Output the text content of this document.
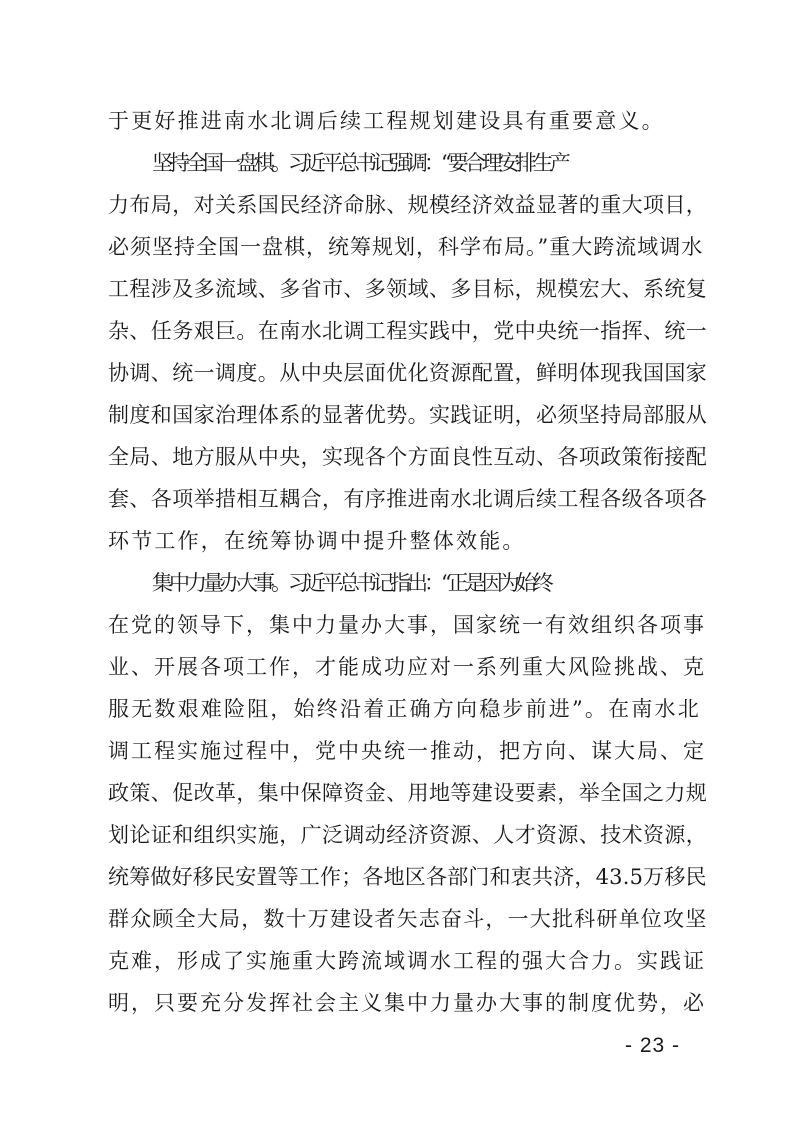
于更好推进南水北调后续工程规划建设具有重要意义。
坚持全国一盘棋。习近平总书记强调：“要合理安排生产
力布局，对关系国民经济命脉、规模经济效益显著的重大项目，
必须坚持全国一盘棋，统筹规划，科学布局。”重大跨流域调水
工程涉及多流域、多省市、多领域、多目标，规模宏大、系统复
杂、任务艰巨。在南水北调工程实践中，党中央统一指挥、统一
协调、统一调度。从中央层面优化资源配置，鲜明体现我国国家
制度和国家治理体系的显著优势。实践证明，必须坚持局部服从
全局、地方服从中央，实现各个方面良性互动、各项政策衔接配
套、各项举措相互耦合，有序推进南水北调后续工程各级各项各
环节工作，在统筹协调中提升整体效能。
集中力量办大事。习近平总书记指出：“正是因为始终
在党的领导下，集中力量办大事，国家统一有效组织各项事
业、开展各项工作，才能成功应对一系列重大风险挑战、克
服无数艰难险阻，始终沿着正确方向稳步前进”。在南水北
调工程实施过程中，党中央统一推动，把方向、谋大局、定
政策、促改革，集中保障资金、用地等建设要素，举全国之力规
划论证和组织实施，广泛调动经济资源、人才资源、技术资源，
统筹做好移民安置等工作；各地区各部门和衷共济，43.5万移民
群众顾全大局，数十万建设者矢志奋斗，一大批科研单位攻坚
克难，形成了实施重大跨流域调水工程的强大合力。实践证
明，只要充分发挥社会主义集中力量办大事的制度优势，必
- 23 -
